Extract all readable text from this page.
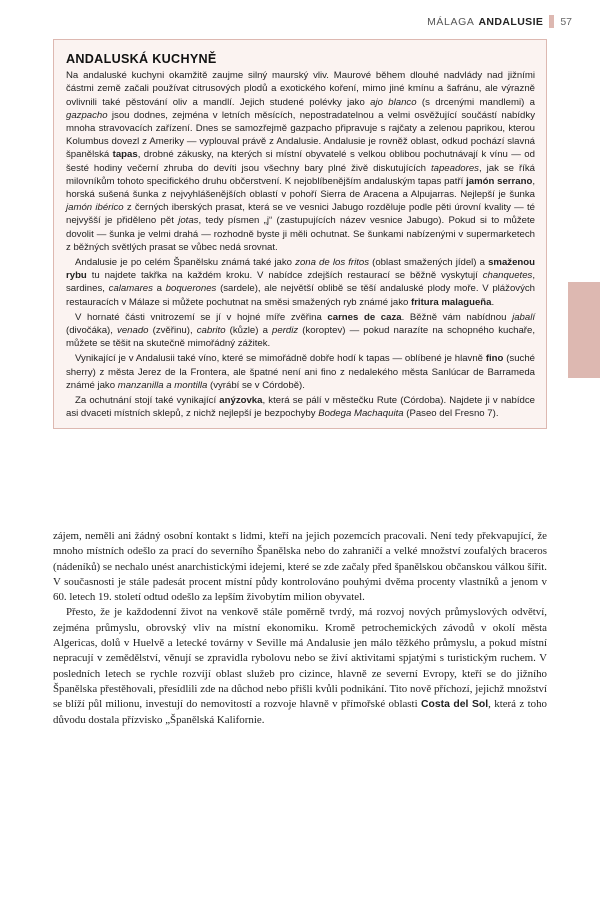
MÁLAGA ANDALUSIE 57
ANDALUSKÁ KUCHYNĚ

Na andaluské kuchyni okamžitě zaujme silný maurský vliv. Maurové během dlouhé nadvlády nad jižními částmi země začali používat citrusových plodů a exotického koření, mimo jiné kmínu a šafránu, ale výrazně ovlivnili také pěstování oliv a mandlí. Jejich studené polévky jako ajo blanco (s drcenými mandlemi) a gazpacho jsou dodnes, zejména v letních měsících, nepostradatelnou a velmi osvěžující součástí nabídky mnoha stravovacích zařízení. Dnes se samozřejmě gazpacho připravuje s rajčaty a zelenou paprikou, kterou Kolumbus dovezl z Ameriky — vyplouval právě z Andalusie. Andalusie je rovněž oblast, odkud pochází slavná španělská tapas, drobné zákusky, na kterých si místní obyvatelé s velkou oblibou pochutnávají k vínu — od šesté hodiny večerní zhruba do devíti jsou všechny bary plné živě diskutujících tapeadores, jak se říká milovníkům tohoto specifického druhu občerstvení. K nejoblíbenějším andaluským tapas patří jamón serrano, horská sušená šunka z nejvyhlášenějších oblastí v pohoří Sierra de Aracena a Alpujarras. Nejlepší je šunka jamón ibérico z černých iberských prasat, která se ve vesnici Jabugo rozděluje podle pěti úrovní kvality — té nejvyšší je přiděleno pět jotas, tedy písmen „j“ (zastupujících název vesnice Jabugo). Pokud si to můžete dovolit — šunka je velmi drahá — rozhodně byste ji měli ochutnat. Se šunkami nabízenými v supermarketech z běžných světlých prasat se vůbec nedá srovnat.

Andalusie je po celém Španělsku známá také jako zona de los fritos (oblast smažených jídel) a smaženou rybu tu najdete takřka na každém kroku. V nabídce zdejších restaurací se běžně vyskytují chanquetes, sardines, calamares a boquerones (sardele), ale největší oblibě se těší andaluské plody moře. V plážových restauracích v Málaze si můžete pochutnat na směsi smažených ryb známé jako fritura malagueña.

V hornaté části vnitrozemí se jí v hojné míře zvěřina carnes de caza. Běžně vám nabídnou jabalí (divočáka), venado (zvěřinu), cabrito (kůzle) a perdiz (koroptev) — pokud narazíte na schopného kuchaře, můžete se těšit na skutečně mimořádný zážitek.

Vynikající je v Andalusii také víno, které se mimořádně dobře hodí k tapas — oblíbené je hlavně fino (suché sherry) z města Jerez de la Frontera, ale špatné není ani fino z nedalekého města Sanlúcar de Barrameda známé jako manzanilla a montilla (vyrábí se v Córdobě).

Za ochutnání stojí také vynikající anýzovka, která se pálí v městečku Rute (Córdoba). Najdete ji v nabídce asi dvaceti místních sklepů, z nichž nejlepší je bezpochyby Bodega Machaquita (Paseo del Fresno 7).

zájem, neměli ani žádný osobní kontakt s lidmi, kteří na jejich pozemcích pracovali. Není tedy překvapující, že mnoho místních odešlo za prací do severního Španělska nebo do zahraničí a velké množství zoufalých braceros (nádeníků) se nechalo unést anarchistickými idejemi, které se zde začaly před španělskou občanskou válkou šířit. V současnosti je stále padesát procent místní půdy kontrolováno pouhými dvěma procenty vlastníků a jenom v 60. letech 19. století odtud odešlo za lepším živobytím milion obyvatel.

Přesto, že je každodenní život na venkově stále poměrně tvrdý, má rozvoj nových průmyslových odvětví, zejména průmyslu, obrovský vliv na místní ekonomiku. Kromě petrochemických závodů v okolí města Algericas, dolů v Huelvě a letecké továrny v Seville má Andalusie jen málo těžkého průmyslu, a pokud místní nepracují v zemědělství, věnují se zpravidla rybolovu nebo se živí aktivitami spjatými s turistickým ruchem. V posledních letech se rychle rozvíjí oblast služeb pro cizince, hlavně ze severní Evropy, kteří se do jižního Španělska přestěhovali, přesídlili zde na důchod nebo přišli kvůli podnikání. Tito nově příchozí, jejichž množství se blíží půl milionu, investují do nemovitostí a rozvoje hlavně v přímořské oblasti Costa del Sol, která z toho důvodu dostala přízvisko „Španělská Kalifornie.
